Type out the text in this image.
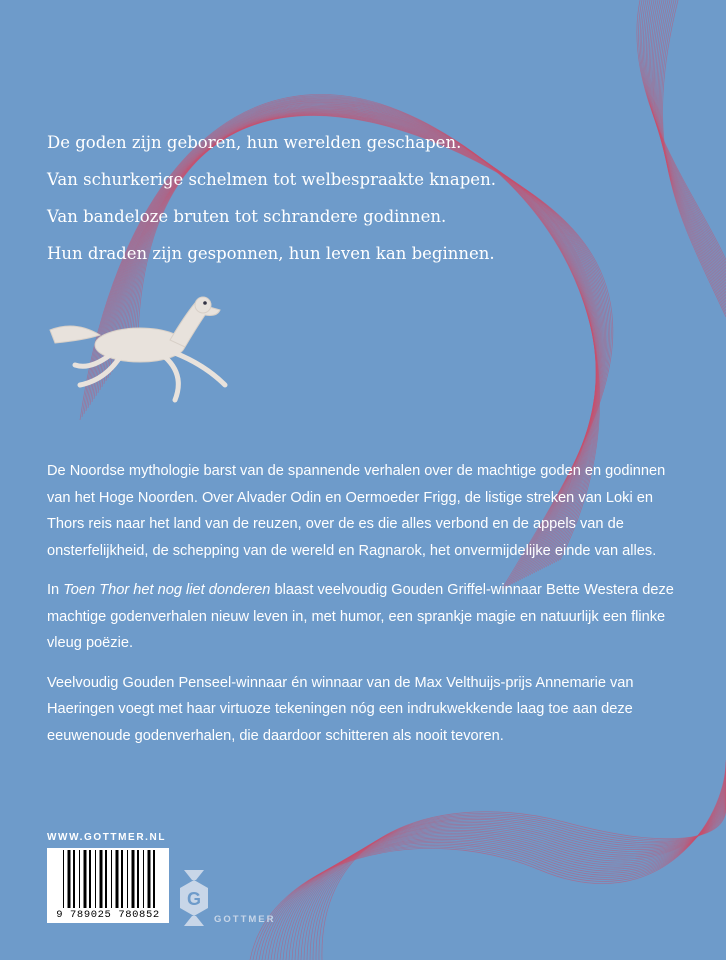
De goden zijn geboren, hun werelden geschapen.
Van schurkerige schelmen tot welbespraakte knapen.
Van bandeloze bruten tot schrandere godinnen.
Hun draden zijn gesponnen, hun leven kan beginnen.

De Noordse mythologie barst van de spannende verhalen over de machtige goden en godinnen van het Hoge Noorden. Over Alvader Odin en Oermoeder Frigg, de listige streken van Loki en Thors reis naar het land van de reuzen, over de es die alles verbond en de appels van de onsterfelijkheid, de schepping van de wereld en Ragnarok, het onvermijdelijke einde van alles.

In Toen Thor het nog liet donderen blaast veelvoudig Gouden Griffel-winnaar Bette Westera deze machtige godenverhalen nieuw leven in, met humor, een sprankje magie en natuurlijk een flinke vleug poëzie.

Veelvoudig Gouden Penseel-winnaar én winnaar van de Max Velthuijs-prijs Annemarie van Haeringen voegt met haar virtuoze tekeningen nóg een indrukwekkende laag toe aan deze eeuwenoude godenverhalen, die daardoor schitteren als nooit tevoren.

WWW.GOTTMER.NL
9 789025 780852
G
GOTTMER
